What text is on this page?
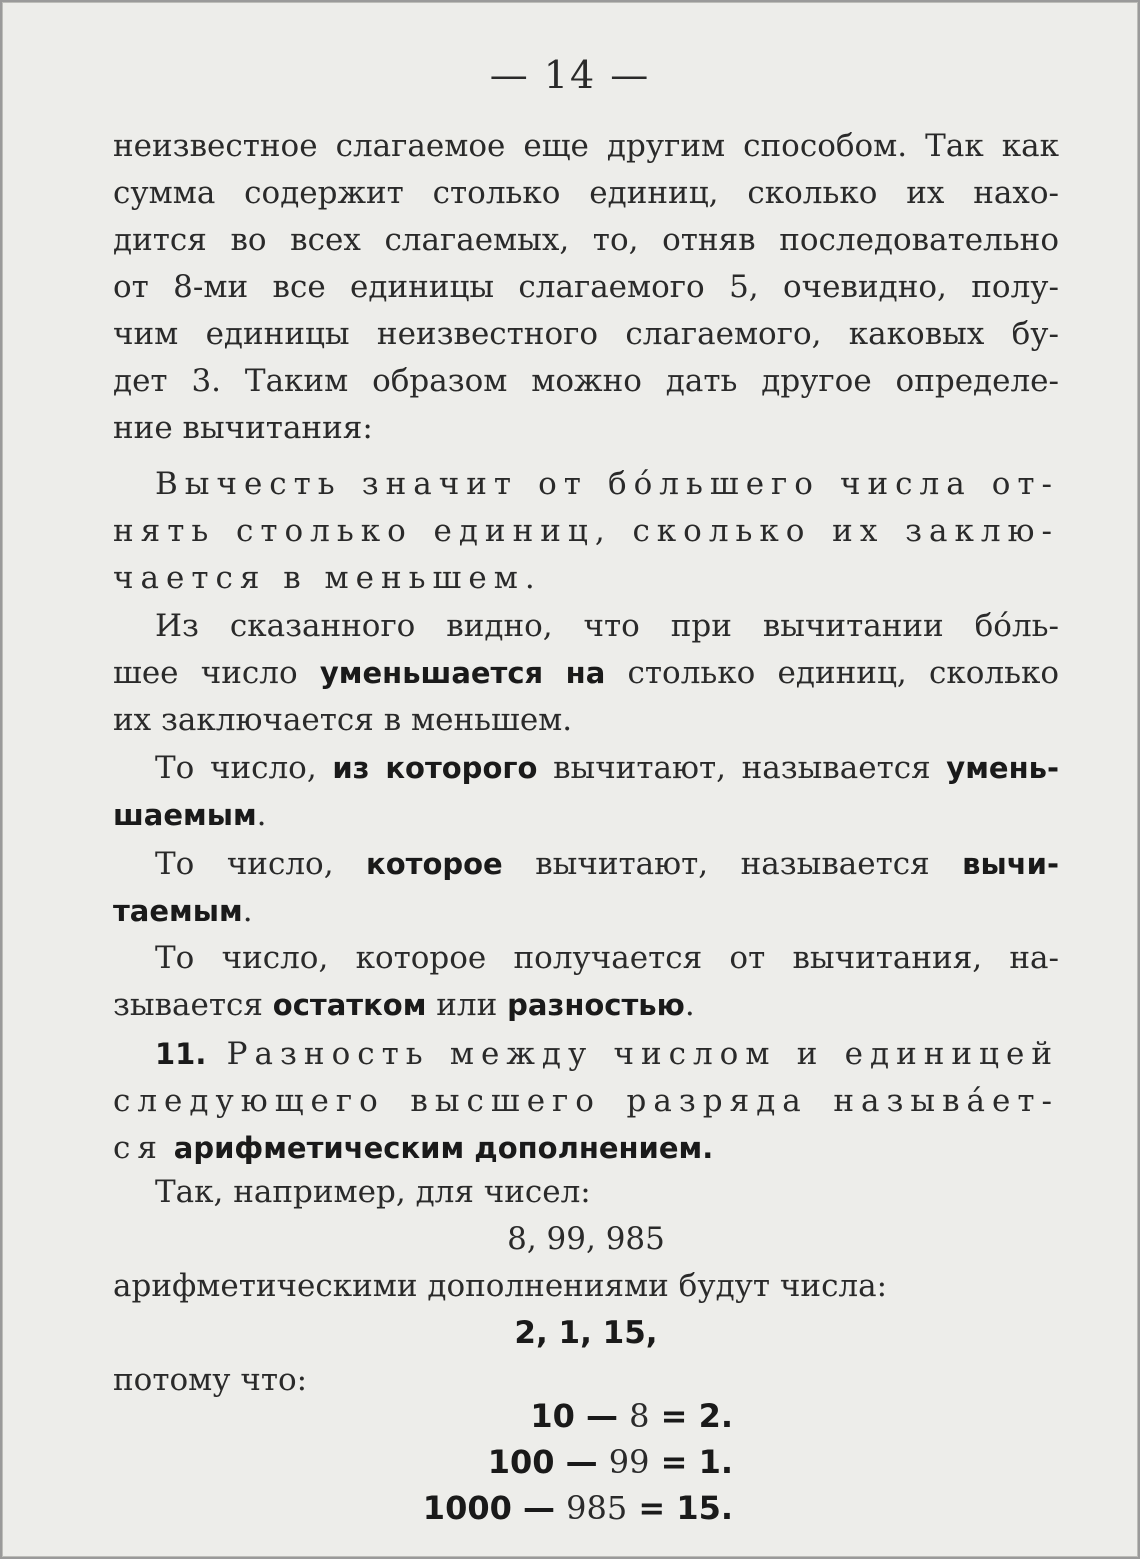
— 14 —
неизвестное слагаемое еще другим способом. Так как
сумма содержит столько единиц, сколько их нахо-
дится во всех слагаемых, то, отняв последовательно
от 8-ми все единицы слагаемого 5, очевидно, полу-
чим единицы неизвестного слагаемого, каковых бу-
дет 3. Таким образом можно дать другое определе-
ние вычитания:
Вычесть значит от бо́льшего числа от-
нять столько единиц, сколько их заклю-
чается в меньшем.
Из сказанного видно, что при вычитании бо́ль-
шее число уменьшается на столько единиц, сколько
их заключается в меньшем.
То число, из которого вычитают, называется умень-
шаемым.
То число, которое вычитают, называется вычи-
таемым.
То число, которое получается от вычитания, на-
зывается остатком или разностью.
11. Разность между числом и единицей
следующего высшего разряда называ́ет-
ся арифметическим дополнением.
Так, например, для чисел:
8, 99, 985
арифметическими дополнениями будут числа:
2, 1, 15,
потому что:
10 — 8 = 2.
100 — 99 = 1.
1000 — 985 = 15.
